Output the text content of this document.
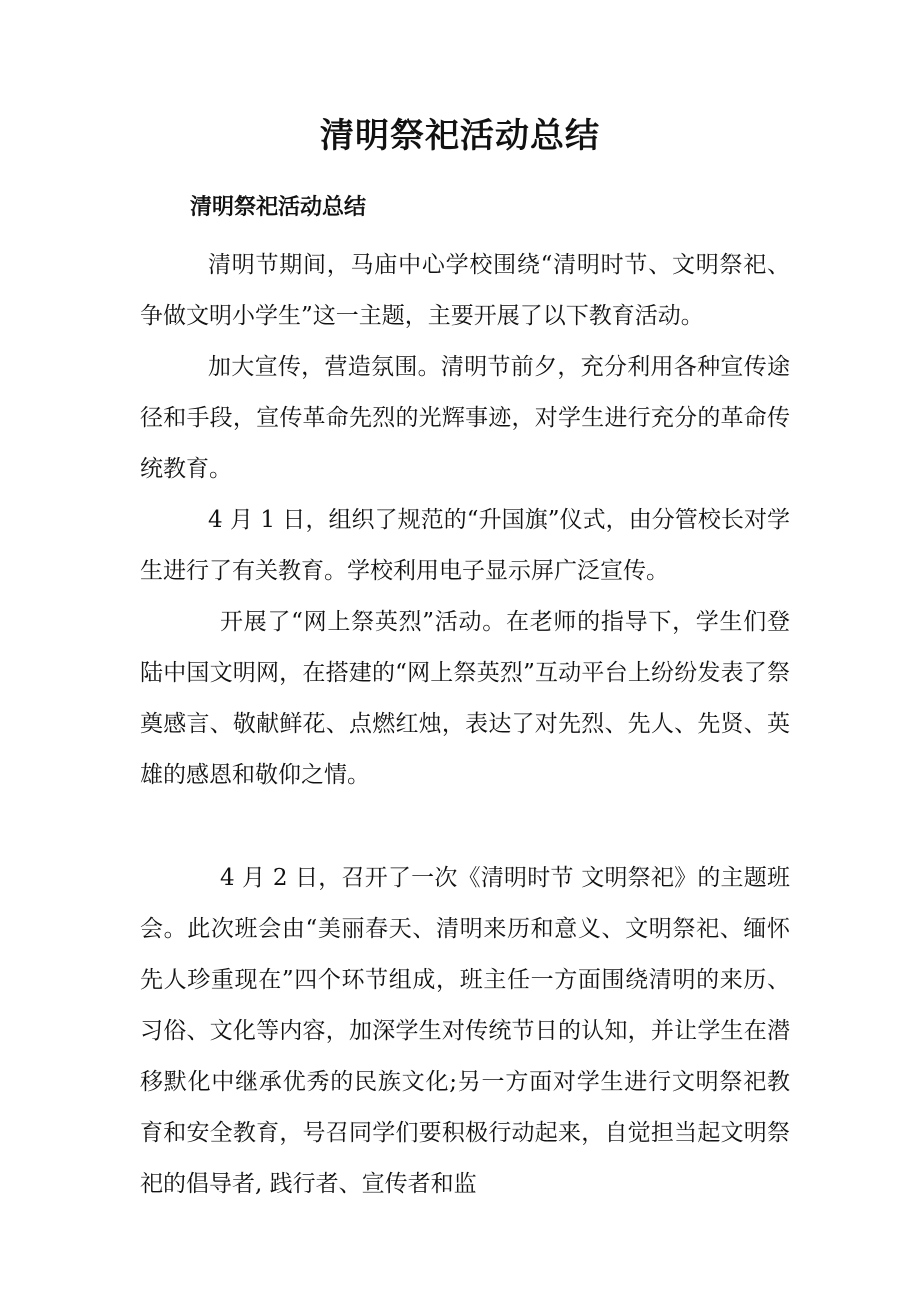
清明祭祀活动总结
清明祭祀活动总结
清明节期间，马庙中心学校围绕“清明时节、文明祭祀、争做文明小学生”这一主题，主要开展了以下教育活动。
加大宣传，营造氛围。清明节前夕，充分利用各种宣传途径和手段，宣传革命先烈的光辉事迹，对学生进行充分的革命传统教育。
4 月 1 日，组织了规范的“升国旗”仪式，由分管校长对学生进行了有关教育。学校利用电子显示屏广泛宣传。
开展了“网上祭英烈”活动。在老师的指导下，学生们登陆中国文明网，在搭建的“网上祭英烈”互动平台上纷纷发表了祭奠感言、敬献鲜花、点燃红烛，表达了对先烈、先人、先贤、英雄的感恩和敬仰之情。
4 月 2 日，召开了一次《清明时节 文明祭祀》的主题班会。此次班会由“美丽春天、清明来历和意义、文明祭祀、缅怀先人珍重现在”四个环节组成，班主任一方面围绕清明的来历、习俗、文化等内容，加深学生对传统节日的认知，并让学生在潜移默化中继承优秀的民族文化;另一方面对学生进行文明祭祀教育和安全教育，号召同学们要积极行动起来，自觉担当起文明祭祀的倡导者, 践行者、宣传者和监
